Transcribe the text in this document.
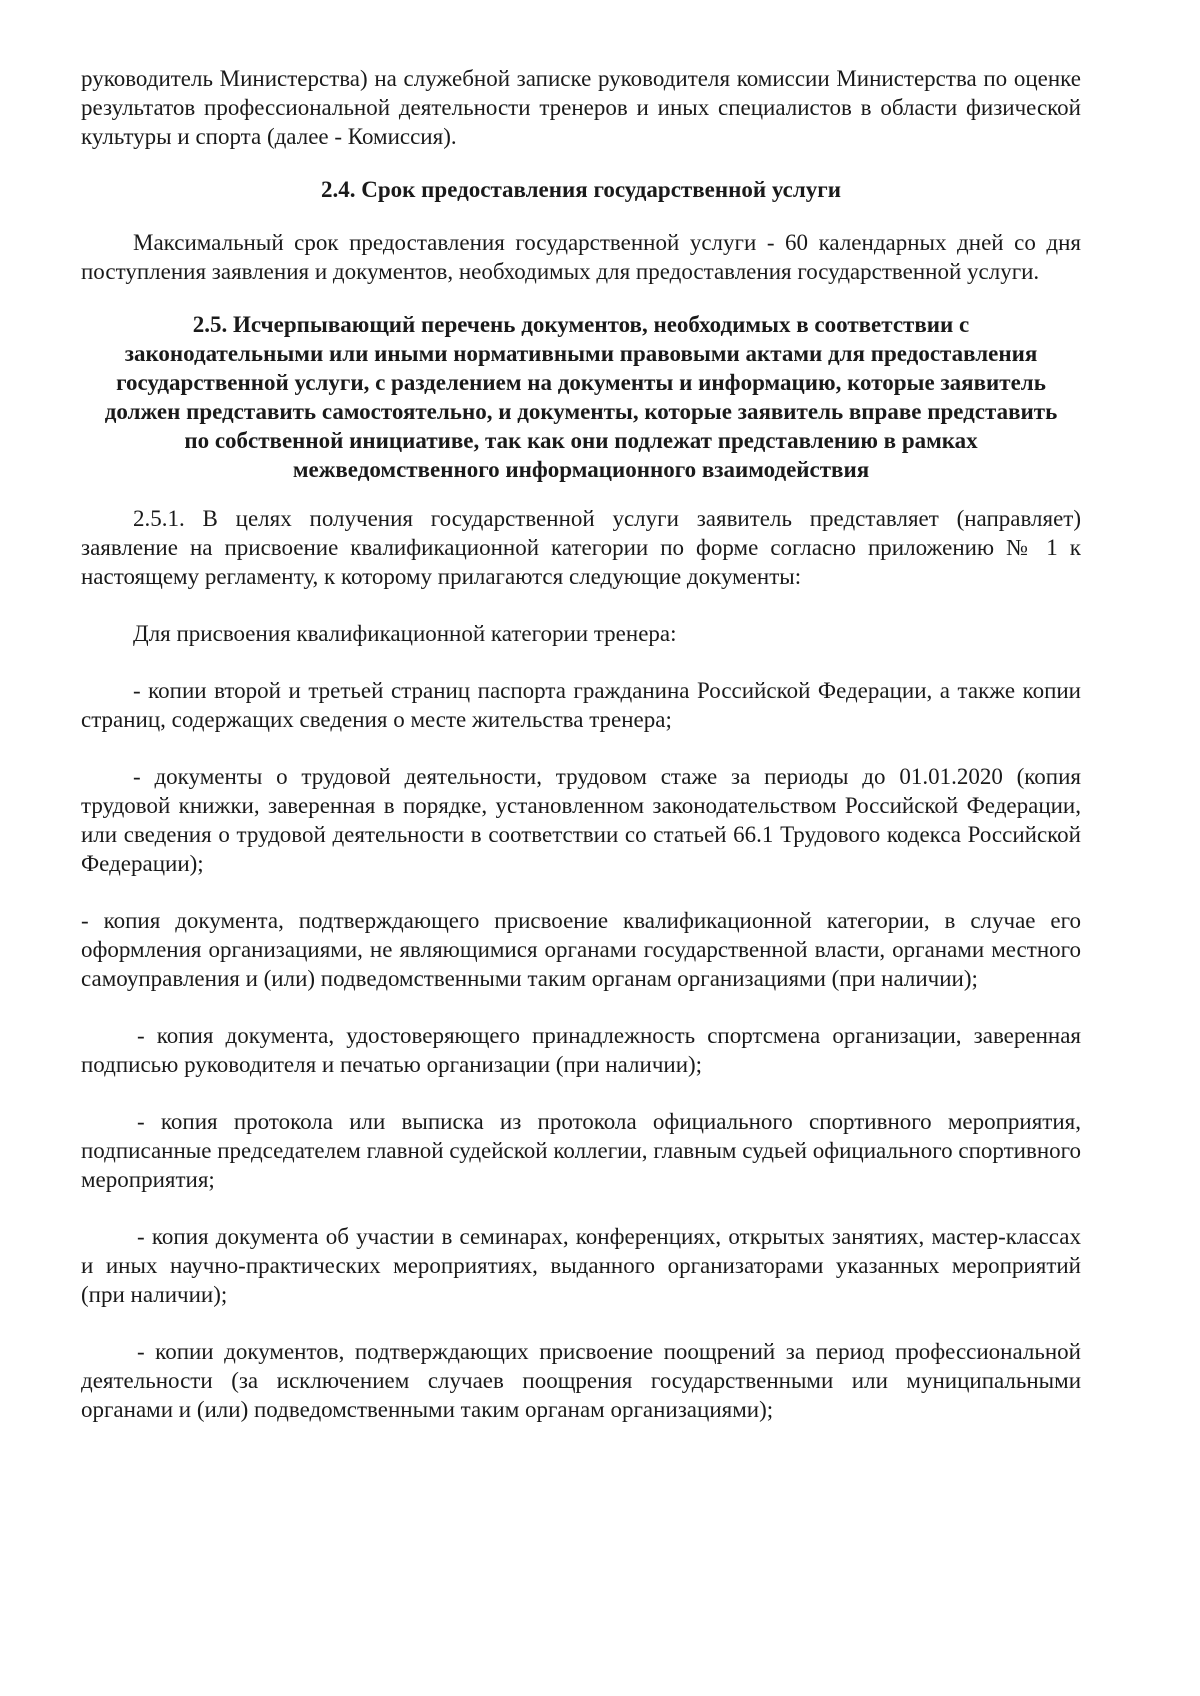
руководитель Министерства) на служебной записке руководителя комиссии Министерства по оценке результатов профессиональной деятельности тренеров и иных специалистов в области физической культуры и спорта (далее - Комиссия).

2.4. Срок предоставления государственной услуги

Максимальный срок предоставления государственной услуги - 60 календарных дней со дня поступления заявления и документов, необходимых для предоставления государственной услуги.

2.5. Исчерпывающий перечень документов, необходимых в соответствии с законодательными или иными нормативными правовыми актами для предоставления государственной услуги, с разделением на документы и информацию, которые заявитель должен представить самостоятельно, и документы, которые заявитель вправе представить по собственной инициативе, так как они подлежат представлению в рамках межведомственного информационного взаимодействия

2.5.1. В целях получения государственной услуги заявитель представляет (направляет) заявление на присвоение квалификационной категории по форме согласно приложению № 1 к настоящему регламенту, к которому прилагаются следующие документы:

Для присвоения квалификационной категории тренера:

- копии второй и третьей страниц паспорта гражданина Российской Федерации, а также копии страниц, содержащих сведения о месте жительства тренера;

- документы о трудовой деятельности, трудовом стаже за периоды до 01.01.2020 (копия трудовой книжки, заверенная в порядке, установленном законодательством Российской Федерации, или сведения о трудовой деятельности в соответствии со статьей 66.1 Трудового кодекса Российской Федерации);

- копия документа, подтверждающего присвоение квалификационной категории, в случае его оформления организациями, не являющимися органами государственной власти, органами местного самоуправления и (или) подведомственными таким органам организациями (при наличии);

- копия документа, удостоверяющего принадлежность спортсмена организации, заверенная подписью руководителя и печатью организации (при наличии);

- копия протокола или выписка из протокола официального спортивного мероприятия, подписанные председателем главной судейской коллегии, главным судьей официального спортивного мероприятия;

- копия документа об участии в семинарах, конференциях, открытых занятиях, мастер-классах и иных научно-практических мероприятиях, выданного организаторами указанных мероприятий (при наличии);

- копии документов, подтверждающих присвоение поощрений за период профессиональной деятельности (за исключением случаев поощрения государственными или муниципальными органами и (или) подведомственными таким органам организациями);
